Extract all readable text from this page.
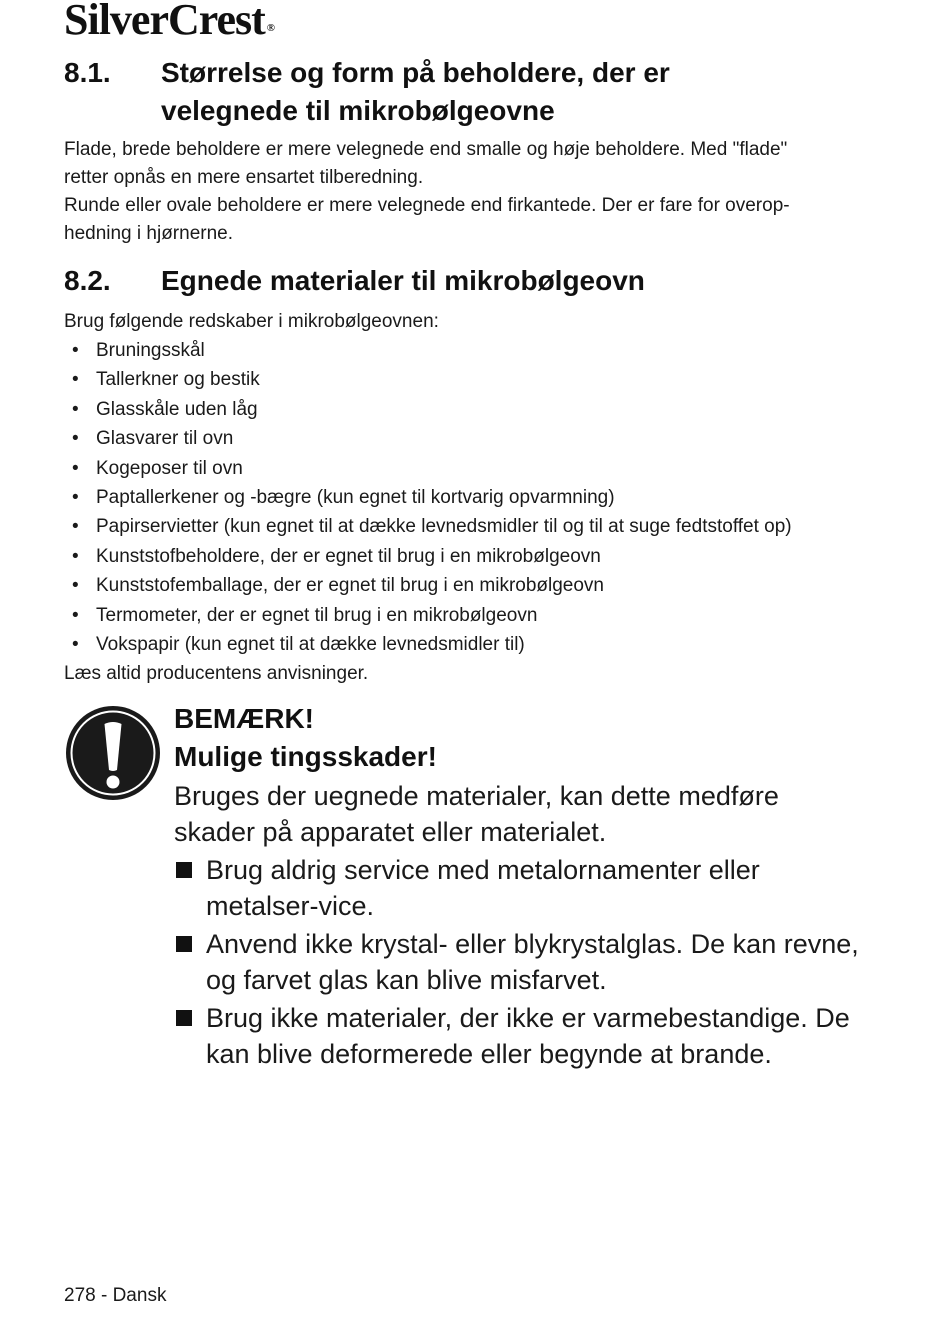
SilverCrest ®
8.1. Størrelse og form på beholdere, der er velegnede til mikrobølgeovne

Flade, brede beholdere er mere velegnede end smalle og høje beholdere. Med "flade" retter opnås en mere ensartet tilberedning.

Runde eller ovale beholdere er mere velegnede end firkantede. Der er fare for overop-hedning i hjørnerne.

8.2. Egnede materialer til mikrobølgeovn
Brug følgende redskaber i mikrobølgeovnen:
• Bruningsskål
• Tallerkner og bestik
• Glasskåle uden låg
• Glasvarer til ovn
• Kogeposer til ovn
• Paptallerkener og -bægre (kun egnet til kortvarig opvarmning)
• Papirservietter (kun egnet til at dække levnedsmidler til og til at suge fedtstoffet op)
• Kunststofbeholdere, der er egnet til brug i en mikrobølgeovn
• Kunststofemballage, der er egnet til brug i en mikrobølgeovn
• Termometer, der er egnet til brug i en mikrobølgeovn
• Vokspapir (kun egnet til at dække levnedsmidler til)
Læs altid producentens anvisninger.
BEMÆRK!
Mulige tingsskader!
Bruges der uegnede materialer, kan dette medføre skader på apparatet eller materialet.
Brug aldrig service med metalornamenter eller metalser-vice.
Anvend ikke krystal- eller blykrystalglas. De kan revne, og farvet glas kan blive misfarvet.
Brug ikke materialer, der ikke er varmebestandige. De kan blive deformerede eller begynde at brande.
278 - Dansk
